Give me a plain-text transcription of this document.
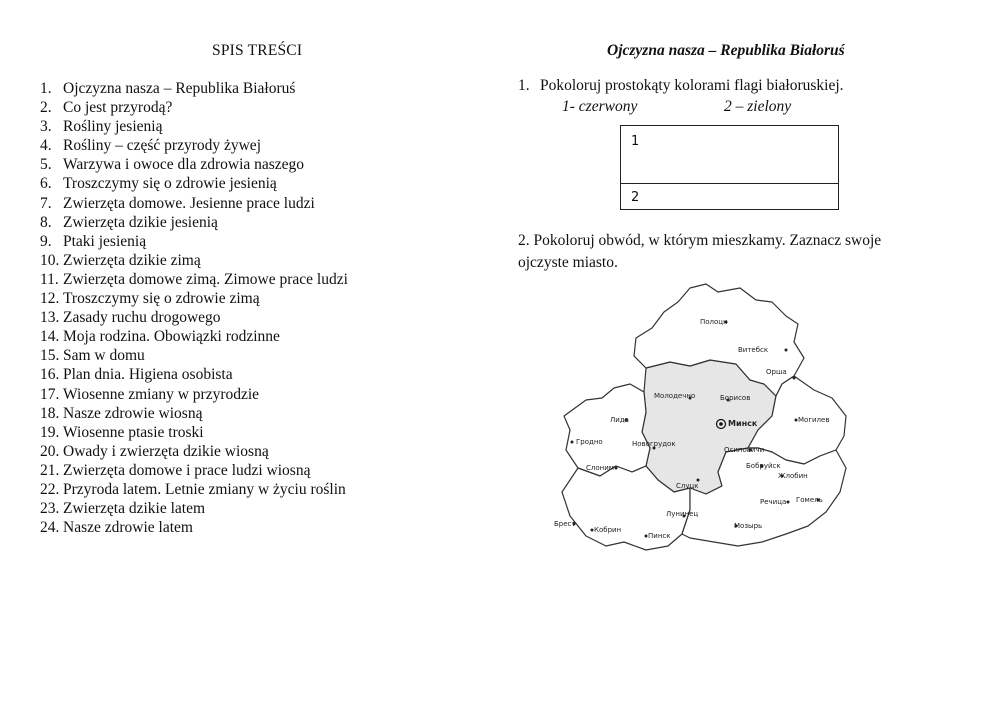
SPIS TREŚCI
1. Ojczyzna nasza – Republika Białoruś
2. Co jest przyrodą?
3. Rośliny jesienią
4. Rośliny – część przyrody żywej
5. Warzywa i owoce dla zdrowia naszego
6. Troszczymy się o zdrowie jesienią
7. Zwierzęta domowe. Jesienne prace ludzi
8. Zwierzęta dzikie jesienią
9. Ptaki jesienią
10. Zwierzęta dzikie zimą
11. Zwierzęta domowe zimą. Zimowe prace ludzi
12. Troszczymy się o zdrowie zimą
13. Zasady ruchu drogowego
14. Moja rodzina. Obowiązki rodzinne
15. Sam w domu
16. Plan dnia. Higiena osobista
17. Wiosenne zmiany w przyrodzie
18. Nasze zdrowie wiosną
19. Wiosenne ptasie troski
20. Owady i zwierzęta dzikie wiosną
21. Zwierzęta domowe i prace ludzi wiosną
22. Przyroda latem. Letnie zmiany w życiu roślin
23. Zwierzęta dzikie latem
24. Nasze zdrowie latem
Ojczyzna nasza – Republika Białoruś
1. Pokoloruj prostokąty kolorami flagi białoruskiej.
1- czerwony	2 – zielony
1
2
2. Pokoloruj obwód, w którym mieszkamy. Zaznacz swoje ojczyste miasto.
Полоцк
Витебск
Орша
Молодечно	Борисов
Лида	Минск	Могилев
Гродно	Новогрудок
Осиповичи
Слоним	Бобруйск
Слуцк
Жлобин
Гомель
Брест
Кобрин
Лунинец
Речица
Пинск
Мозырь
